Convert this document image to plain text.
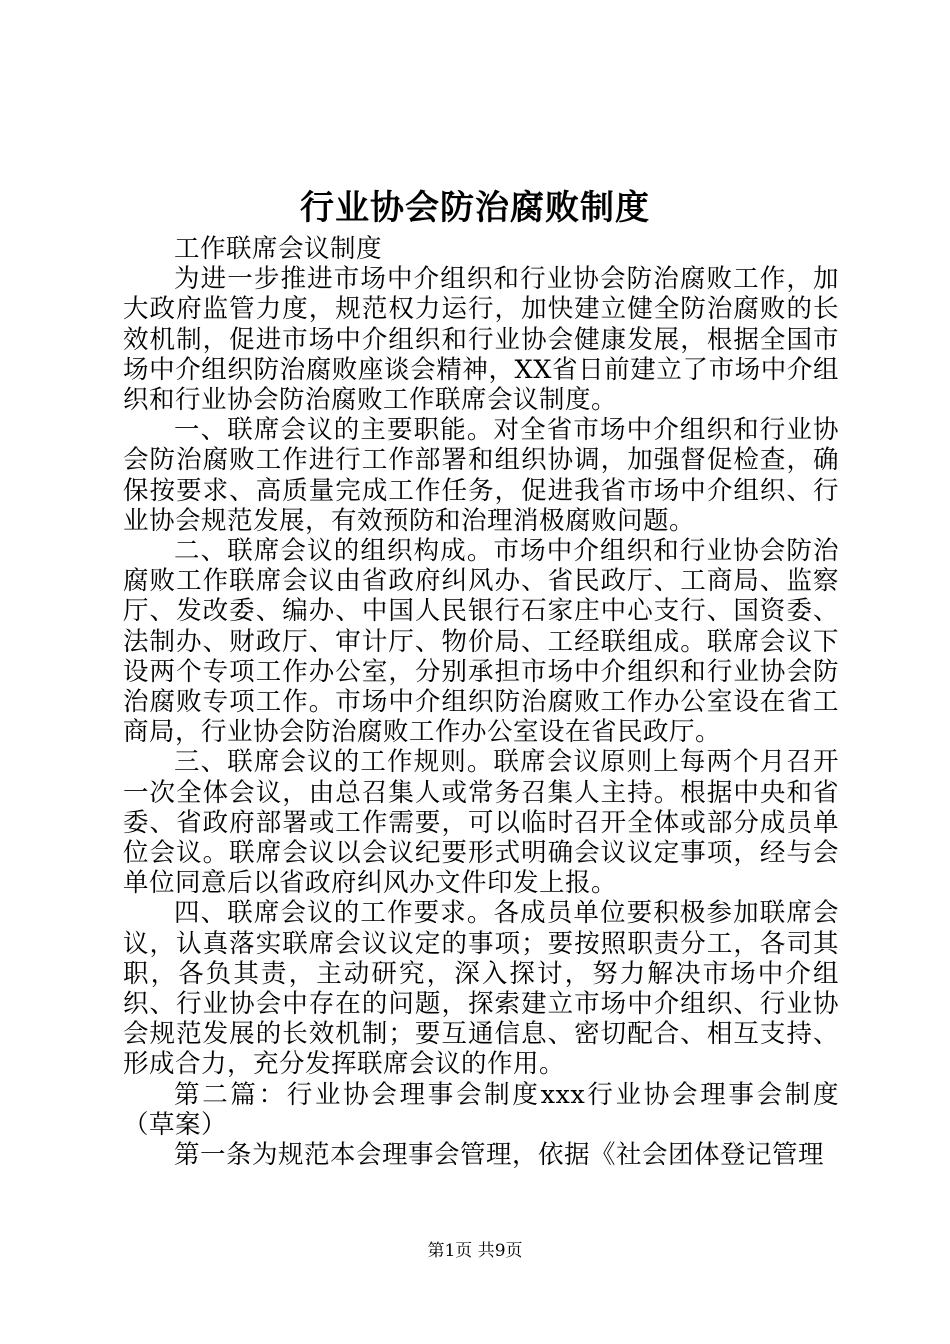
行业协会防治腐败制度

工作联席会议制度

为进一步推进市场中介组织和行业协会防治腐败工作，加大政府监管力度，规范权力运行，加快建立健全防治腐败的长效机制，促进市场中介组织和行业协会健康发展，根据全国市场中介组织防治腐败座谈会精神，XX省日前建立了市场中介组织和行业协会防治腐败工作联席会议制度。

一、联席会议的主要职能。对全省市场中介组织和行业协会防治腐败工作进行工作部署和组织协调，加强督促检查，确保按要求、高质量完成工作任务，促进我省市场中介组织、行业协会规范发展，有效预防和治理消极腐败问题。

二、联席会议的组织构成。市场中介组织和行业协会防治腐败工作联席会议由省政府纠风办、省民政厅、工商局、监察厅、发改委、编办、中国人民银行石家庄中心支行、国资委、法制办、财政厅、审计厅、物价局、工经联组成。联席会议下设两个专项工作办公室，分别承担市场中介组织和行业协会防治腐败专项工作。市场中介组织防治腐败工作办公室设在省工商局，行业协会防治腐败工作办公室设在省民政厅。

三、联席会议的工作规则。联席会议原则上每两个月召开一次全体会议，由总召集人或常务召集人主持。根据中央和省委、省政府部署或工作需要，可以临时召开全体或部分成员单位会议。联席会议以会议纪要形式明确会议议定事项，经与会单位同意后以省政府纠风办文件印发上报。

四、联席会议的工作要求。各成员单位要积极参加联席会议，认真落实联席会议议定的事项；要按照职责分工，各司其职，各负其责，主动研究，深入探讨，努力解决市场中介组织、行业协会中存在的问题，探索建立市场中介组织、行业协会规范发展的长效机制；要互通信息、密切配合、相互支持、形成合力，充分发挥联席会议的作用。

第二篇：行业协会理事会制度xxx行业协会理事会制度（草案）

第一条为规范本会理事会管理，依据《社会团体登记管理

第1页 共9页
